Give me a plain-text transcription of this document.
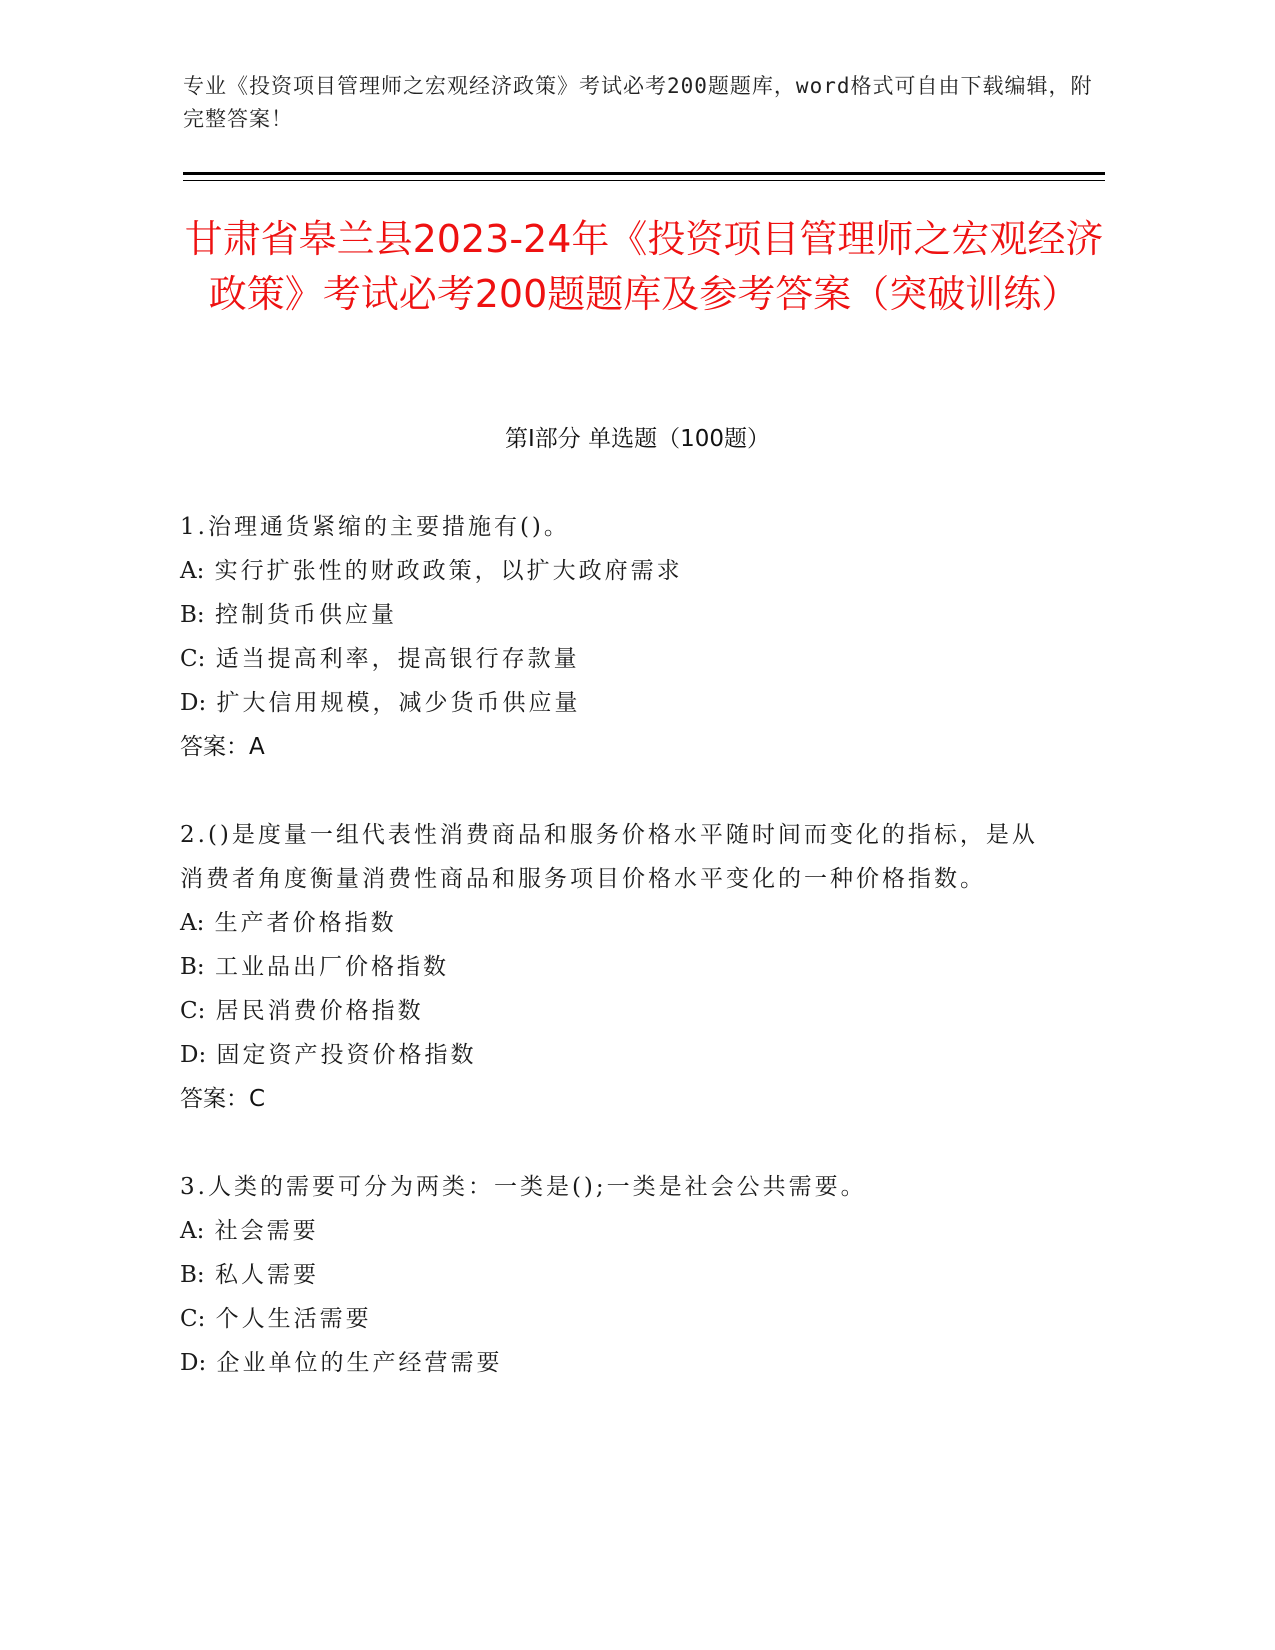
专业《投资项目管理师之宏观经济政策》考试必考200题题库，word格式可自由下载编辑，附完整答案！
甘肃省皋兰县2023-24年《投资项目管理师之宏观经济政策》考试必考200题题库及参考答案（突破训练）
第Ⅰ部分 单选题（100题）
1.治理通货紧缩的主要措施有()。
A: 实行扩张性的财政政策，以扩大政府需求
B: 控制货币供应量
C: 适当提高利率，提高银行存款量
D: 扩大信用规模，减少货币供应量
答案：A
2.()是度量一组代表性消费商品和服务价格水平随时间而变化的指标，是从消费者角度衡量消费性商品和服务项目价格水平变化的一种价格指数。
A: 生产者价格指数
B: 工业品出厂价格指数
C: 居民消费价格指数
D: 固定资产投资价格指数
答案：C
3.人类的需要可分为两类：一类是();一类是社会公共需要。
A: 社会需要
B: 私人需要
C: 个人生活需要
D: 企业单位的生产经营需要
